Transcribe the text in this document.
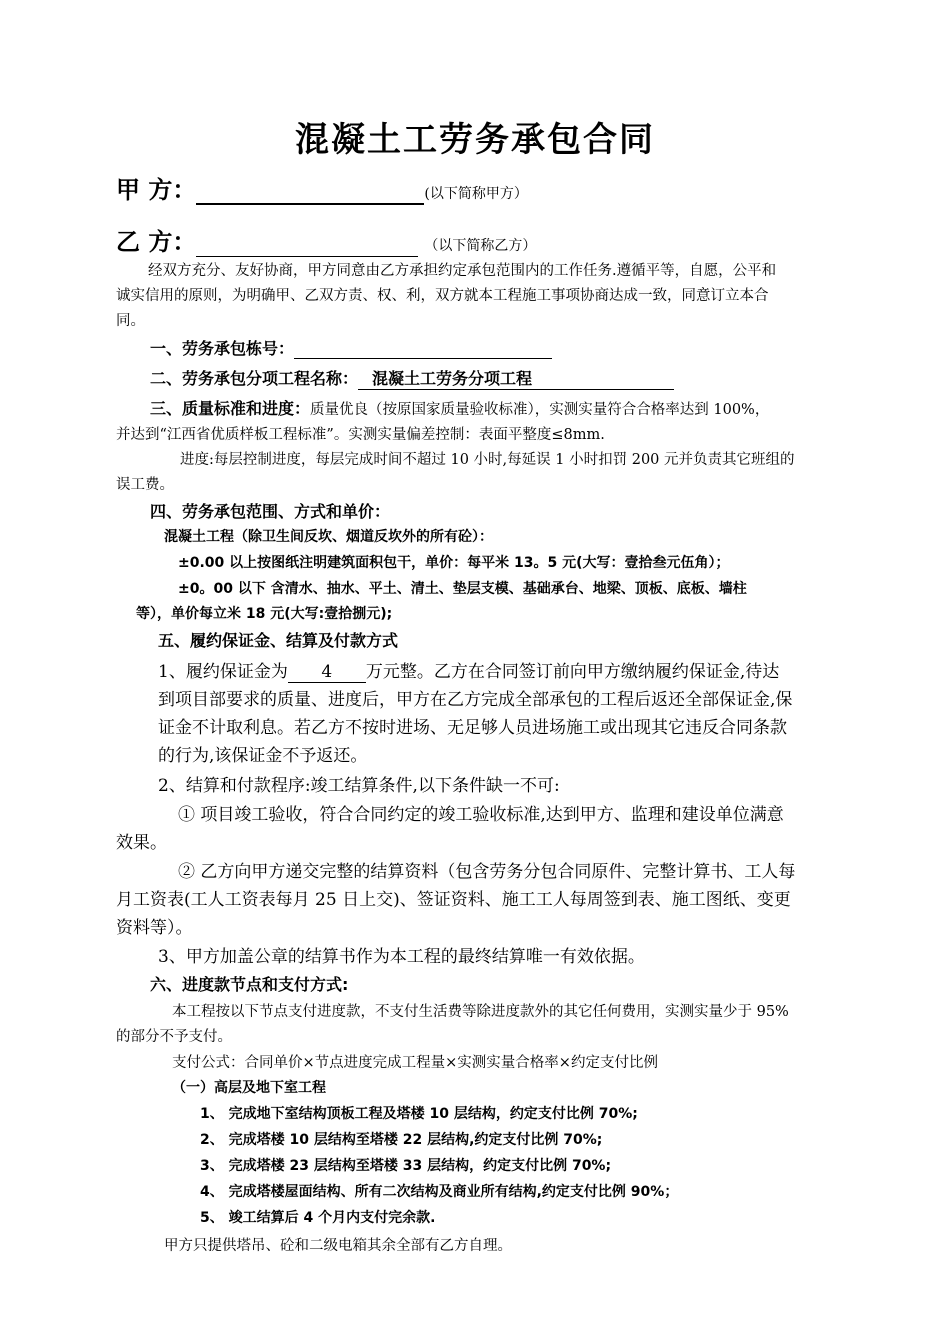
混凝土工劳务承包合同
甲 方：	(以下简称甲方）
乙 方：	（以下简称乙方）
经双方充分、友好协商，甲方同意由乙方承担约定承包范围内的工作任务.遵循平等，自愿，公平和
诚实信用的原则，为明确甲、乙双方责、权、利，双方就本工程施工事项协商达成一致，同意订立本合
同。
一、劳务承包栋号：
二、劳务承包分项工程名称： 混凝土工劳务分项工程
三、质量标准和进度：质量优良（按原国家质量验收标准），实测实量符合合格率达到 100%，
并达到“江西省优质样板工程标准”。实测实量偏差控制：表面平整度≤8mm.
进度:每层控制进度，每层完成时间不超过 10 小时,每延误 1 小时扣罚 200 元并负责其它班组的
误工费。
四、劳务承包范围、方式和单价：
混凝土工程（除卫生间反坎、烟道反坎外的所有砼）：
±0.00 以上按图纸注明建筑面积包干，单价：每平米 13。5 元(大写：壹拾叁元伍角）；
±0。00 以下 含清水、抽水、平土、清土、垫层支模、基础承台、地梁、顶板、底板、墙柱
等），单价每立米 18 元(大写:壹拾捌元);
五、履约保证金、结算及付款方式
1、履约保证金为 4 万元整。乙方在合同签订前向甲方缴纳履约保证金,待达
到项目部要求的质量、进度后，甲方在乙方完成全部承包的工程后返还全部保证金,保
证金不计取利息。若乙方不按时进场、无足够人员进场施工或出现其它违反合同条款
的行为,该保证金不予返还。
2、结算和付款程序:竣工结算条件,以下条件缺一不可:
① 项目竣工验收，符合合同约定的竣工验收标准,达到甲方、监理和建设单位满意
效果。
② 乙方向甲方递交完整的结算资料（包含劳务分包合同原件、完整计算书、工人每
月工资表(工人工资表每月 25 日上交)、签证资料、施工工人每周签到表、施工图纸、变更
资料等）。
3、甲方加盖公章的结算书作为本工程的最终结算唯一有效依据。
六、进度款节点和支付方式:
本工程按以下节点支付进度款，不支付生活费等除进度款外的其它任何费用，实测实量少于 95%
的部分不予支付。
支付公式：合同单价×节点进度完成工程量×实测实量合格率×约定支付比例
（一）高层及地下室工程
1、 完成地下室结构顶板工程及塔楼 10 层结构，约定支付比例 70%;
2、 完成塔楼 10 层结构至塔楼 22 层结构,约定支付比例 70%;
3、 完成塔楼 23 层结构至塔楼 33 层结构，约定支付比例 70%;
4、 完成塔楼屋面结构、所有二次结构及商业所有结构,约定支付比例 90%；
5、 竣工结算后 4 个月内支付完余款.
甲方只提供塔吊、砼和二级电箱其余全部有乙方自理。
